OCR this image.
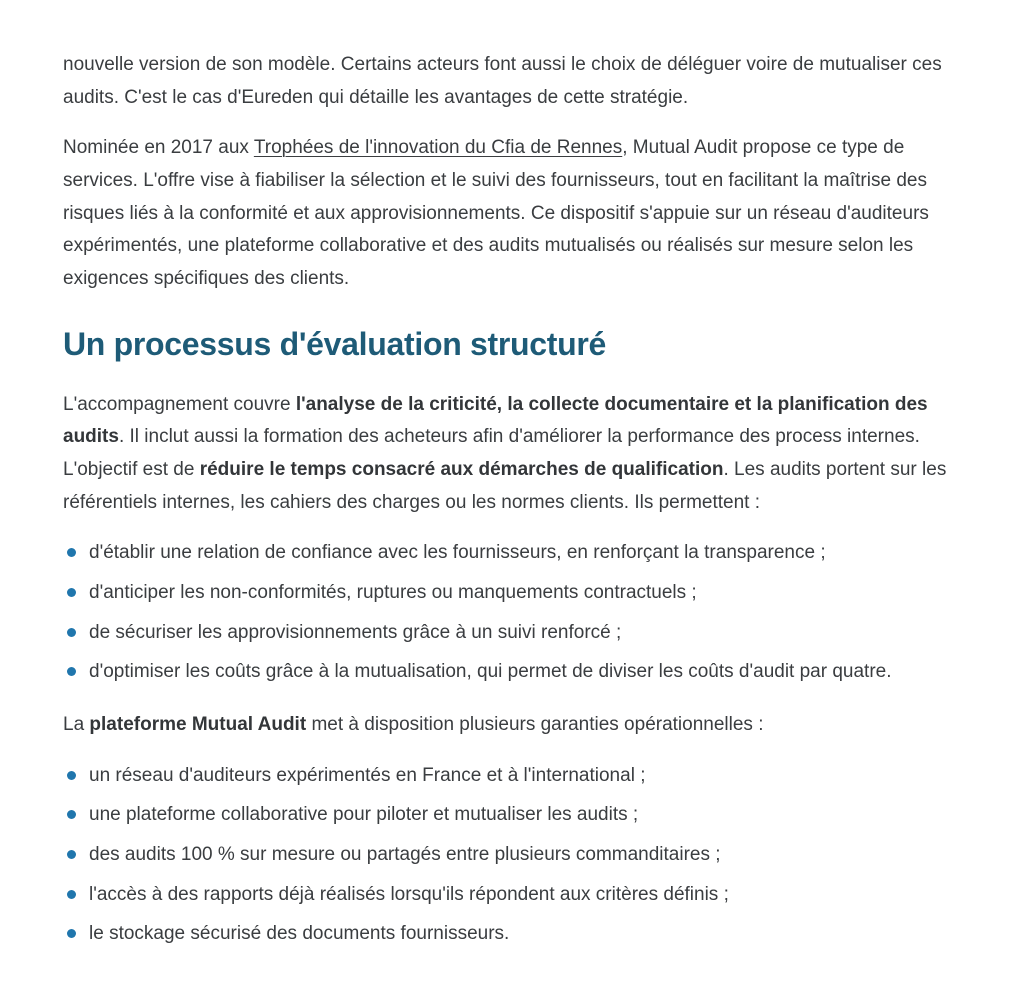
nouvelle version de son modèle. Certains acteurs font aussi le choix de déléguer voire de mutualiser ces audits. C'est le cas d'Eureden qui détaille les avantages de cette stratégie.

Nominée en 2017 aux Trophées de l'innovation du Cfia de Rennes, Mutual Audit propose ce type de services. L'offre vise à fiabiliser la sélection et le suivi des fournisseurs, tout en facilitant la maîtrise des risques liés à la conformité et aux approvisionnements. Ce dispositif s'appuie sur un réseau d'auditeurs expérimentés, une plateforme collaborative et des audits mutualisés ou réalisés sur mesure selon les exigences spécifiques des clients.

Un processus d'évaluation structuré

L'accompagnement couvre l'analyse de la criticité, la collecte documentaire et la planification des audits. Il inclut aussi la formation des acheteurs afin d'améliorer la performance des process internes. L'objectif est de réduire le temps consacré aux démarches de qualification. Les audits portent sur les référentiels internes, les cahiers des charges ou les normes clients. Ils permettent :

d'établir une relation de confiance avec les fournisseurs, en renforçant la transparence ;
d'anticiper les non-conformités, ruptures ou manquements contractuels ;
de sécuriser les approvisionnements grâce à un suivi renforcé ;
d'optimiser les coûts grâce à la mutualisation, qui permet de diviser les coûts d'audit par quatre.

La plateforme Mutual Audit met à disposition plusieurs garanties opérationnelles :

un réseau d'auditeurs expérimentés en France et à l'international ;
une plateforme collaborative pour piloter et mutualiser les audits ;
des audits 100 % sur mesure ou partagés entre plusieurs commanditaires ;
l'accès à des rapports déjà réalisés lorsqu'ils répondent aux critères définis ;
le stockage sécurisé des documents fournisseurs.
